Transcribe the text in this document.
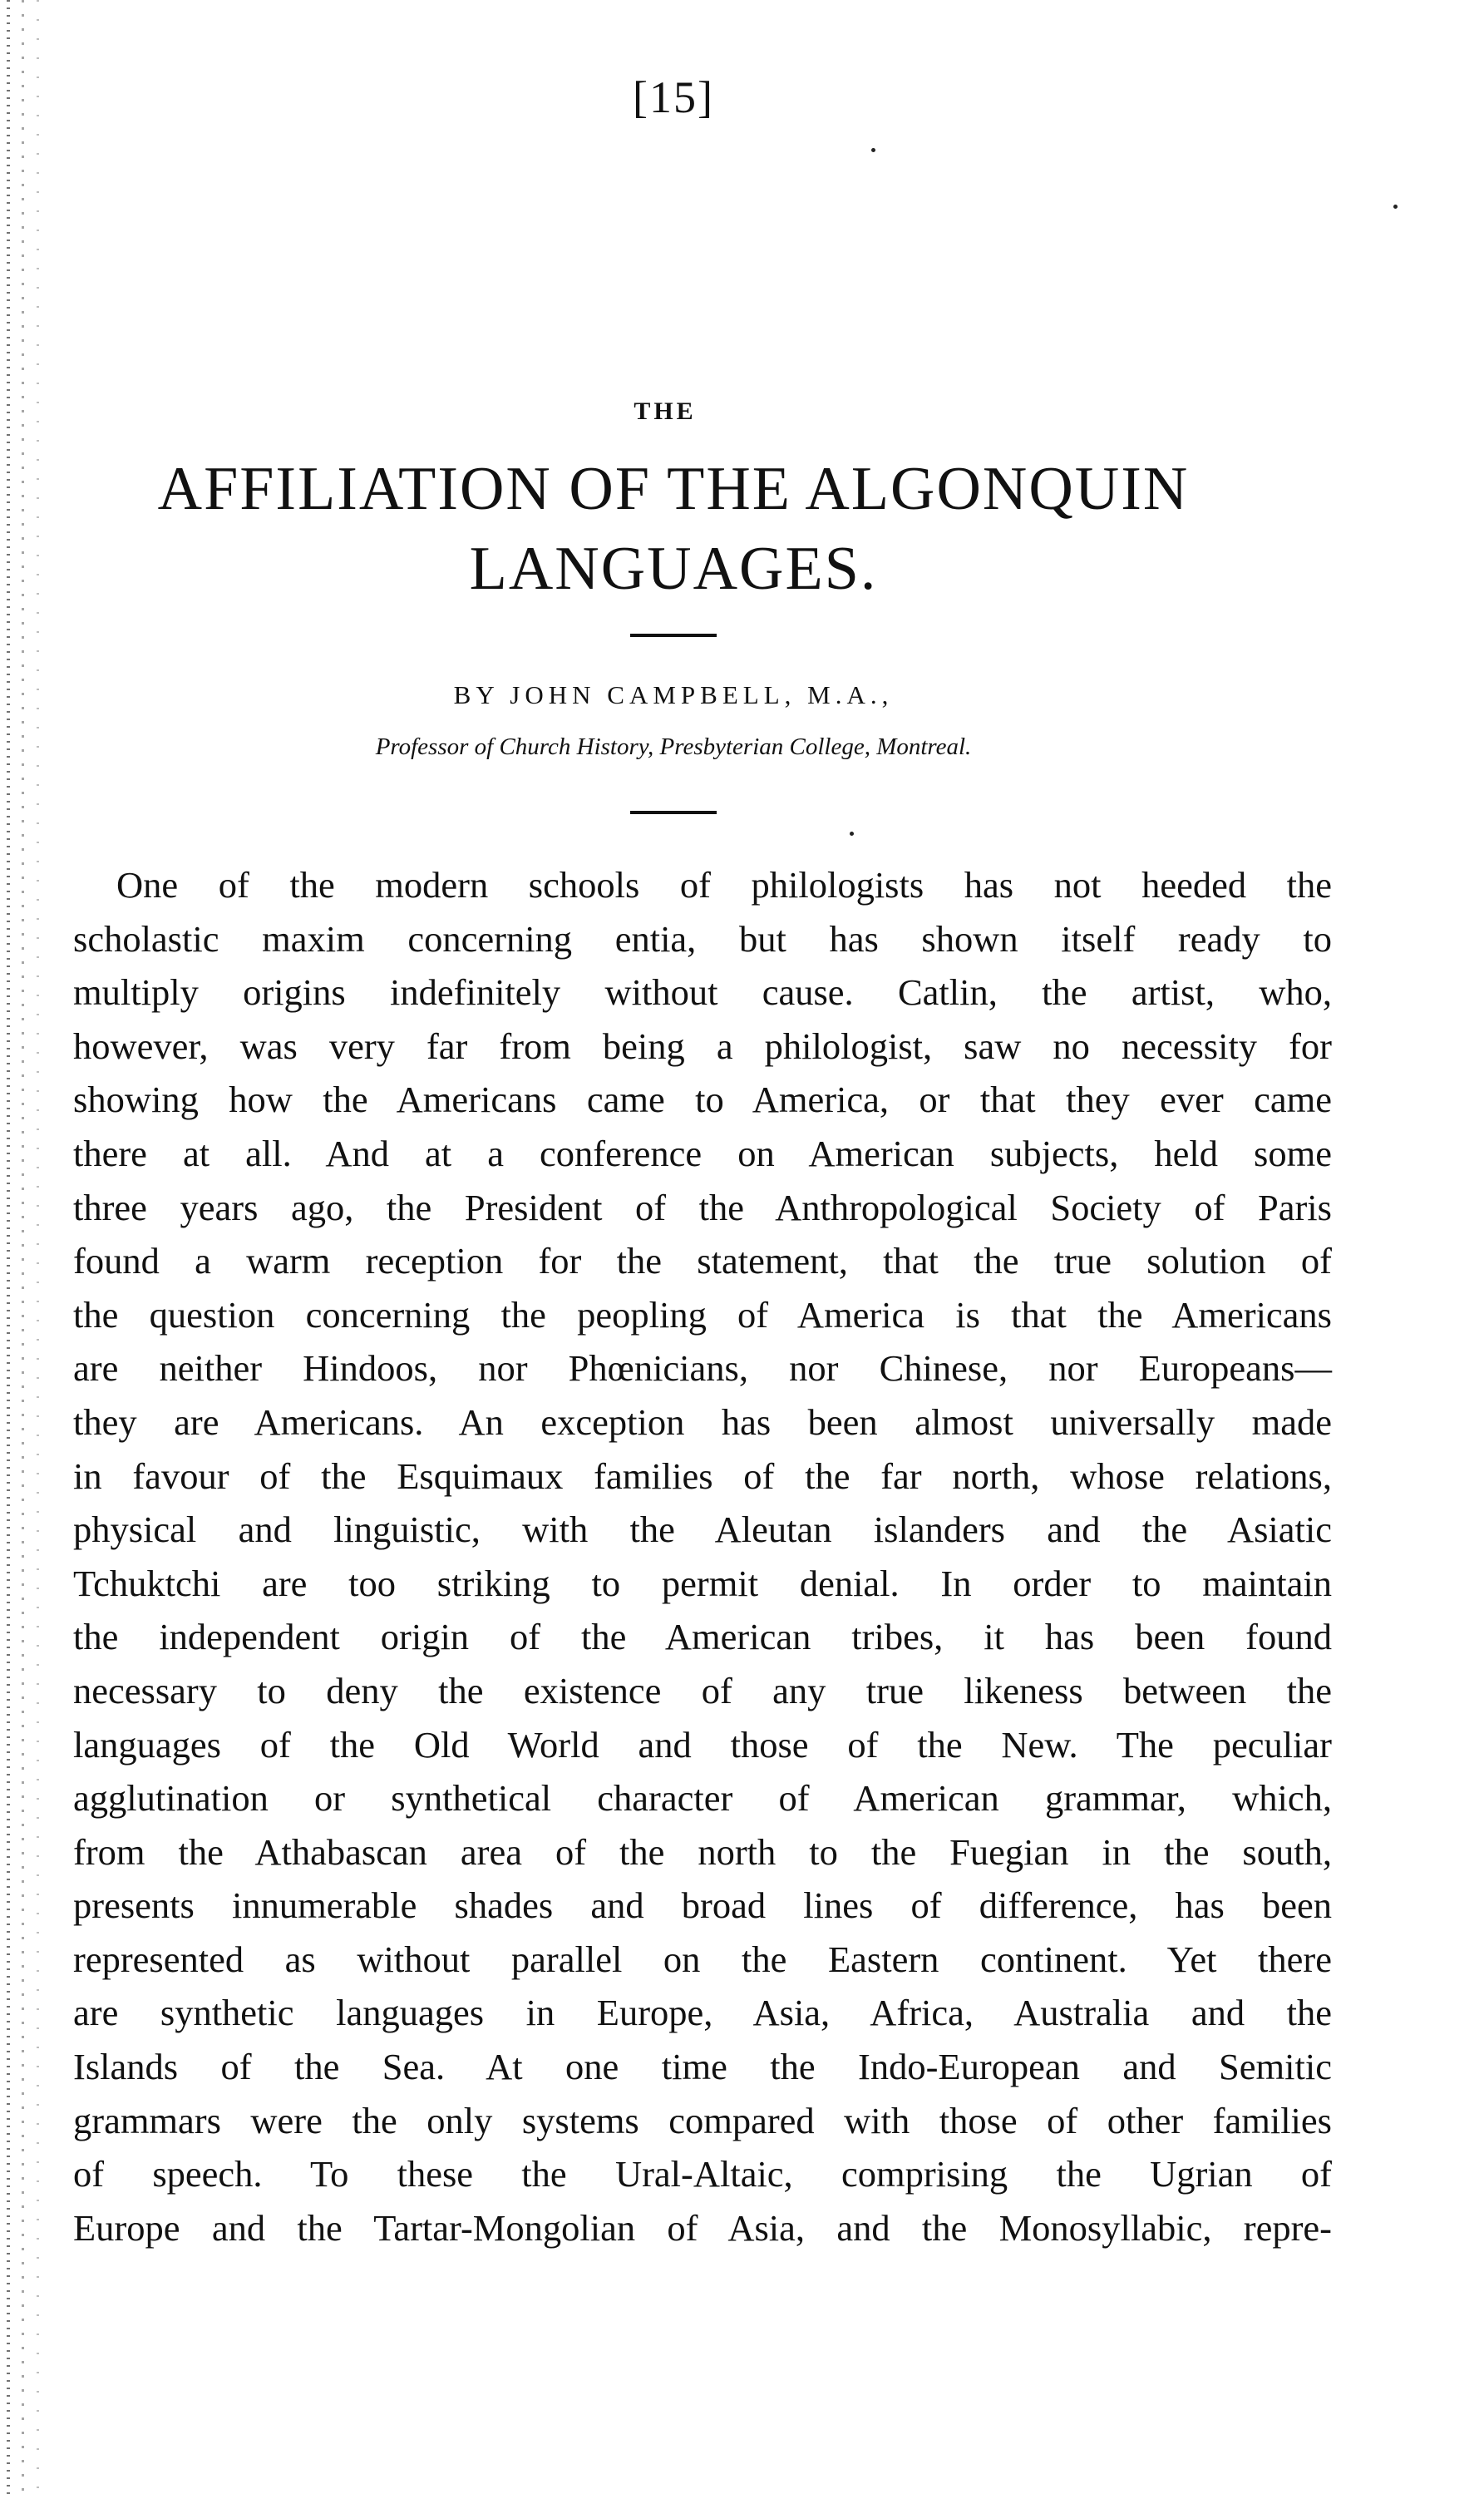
[15]
THE
AFFILIATION OF THE ALGONQUIN
LANGUAGES.
BY JOHN CAMPBELL, M.A.,
Professor of Church History, Presbyterian College, Montreal.
One of the modern schools of philologists has not heeded the
scholastic maxim concerning entia, but has shown itself ready to
multiply origins indefinitely without cause. Catlin, the artist, who,
however, was very far from being a philologist, saw no necessity for
showing how the Americans came to America, or that they ever came
there at all. And at a conference on American subjects, held some
three years ago, the President of the Anthropological Society of Paris
found a warm reception for the statement, that the true solution of
the question concerning the peopling of America is that the Americans
are neither Hindoos, nor Phœnicians, nor Chinese, nor Europeans—
they are Americans. An exception has been almost universally made
in favour of the Esquimaux families of the far north, whose relations,
physical and linguistic, with the Aleutan islanders and the Asiatic
Tchuktchi are too striking to permit denial. In order to maintain
the independent origin of the American tribes, it has been found
necessary to deny the existence of any true likeness between the
languages of the Old World and those of the New. The peculiar
agglutination or synthetical character of American grammar, which,
from the Athabascan area of the north to the Fuegian in the south,
presents innumerable shades and broad lines of difference, has been
represented as without parallel on the Eastern continent. Yet there
are synthetic languages in Europe, Asia, Africa, Australia and the
Islands of the Sea. At one time the Indo-European and Semitic
grammars were the only systems compared with those of other families
of speech. To these the Ural-Altaic, comprising the Ugrian of
Europe and the Tartar-Mongolian of Asia, and the Monosyllabic, repre-
